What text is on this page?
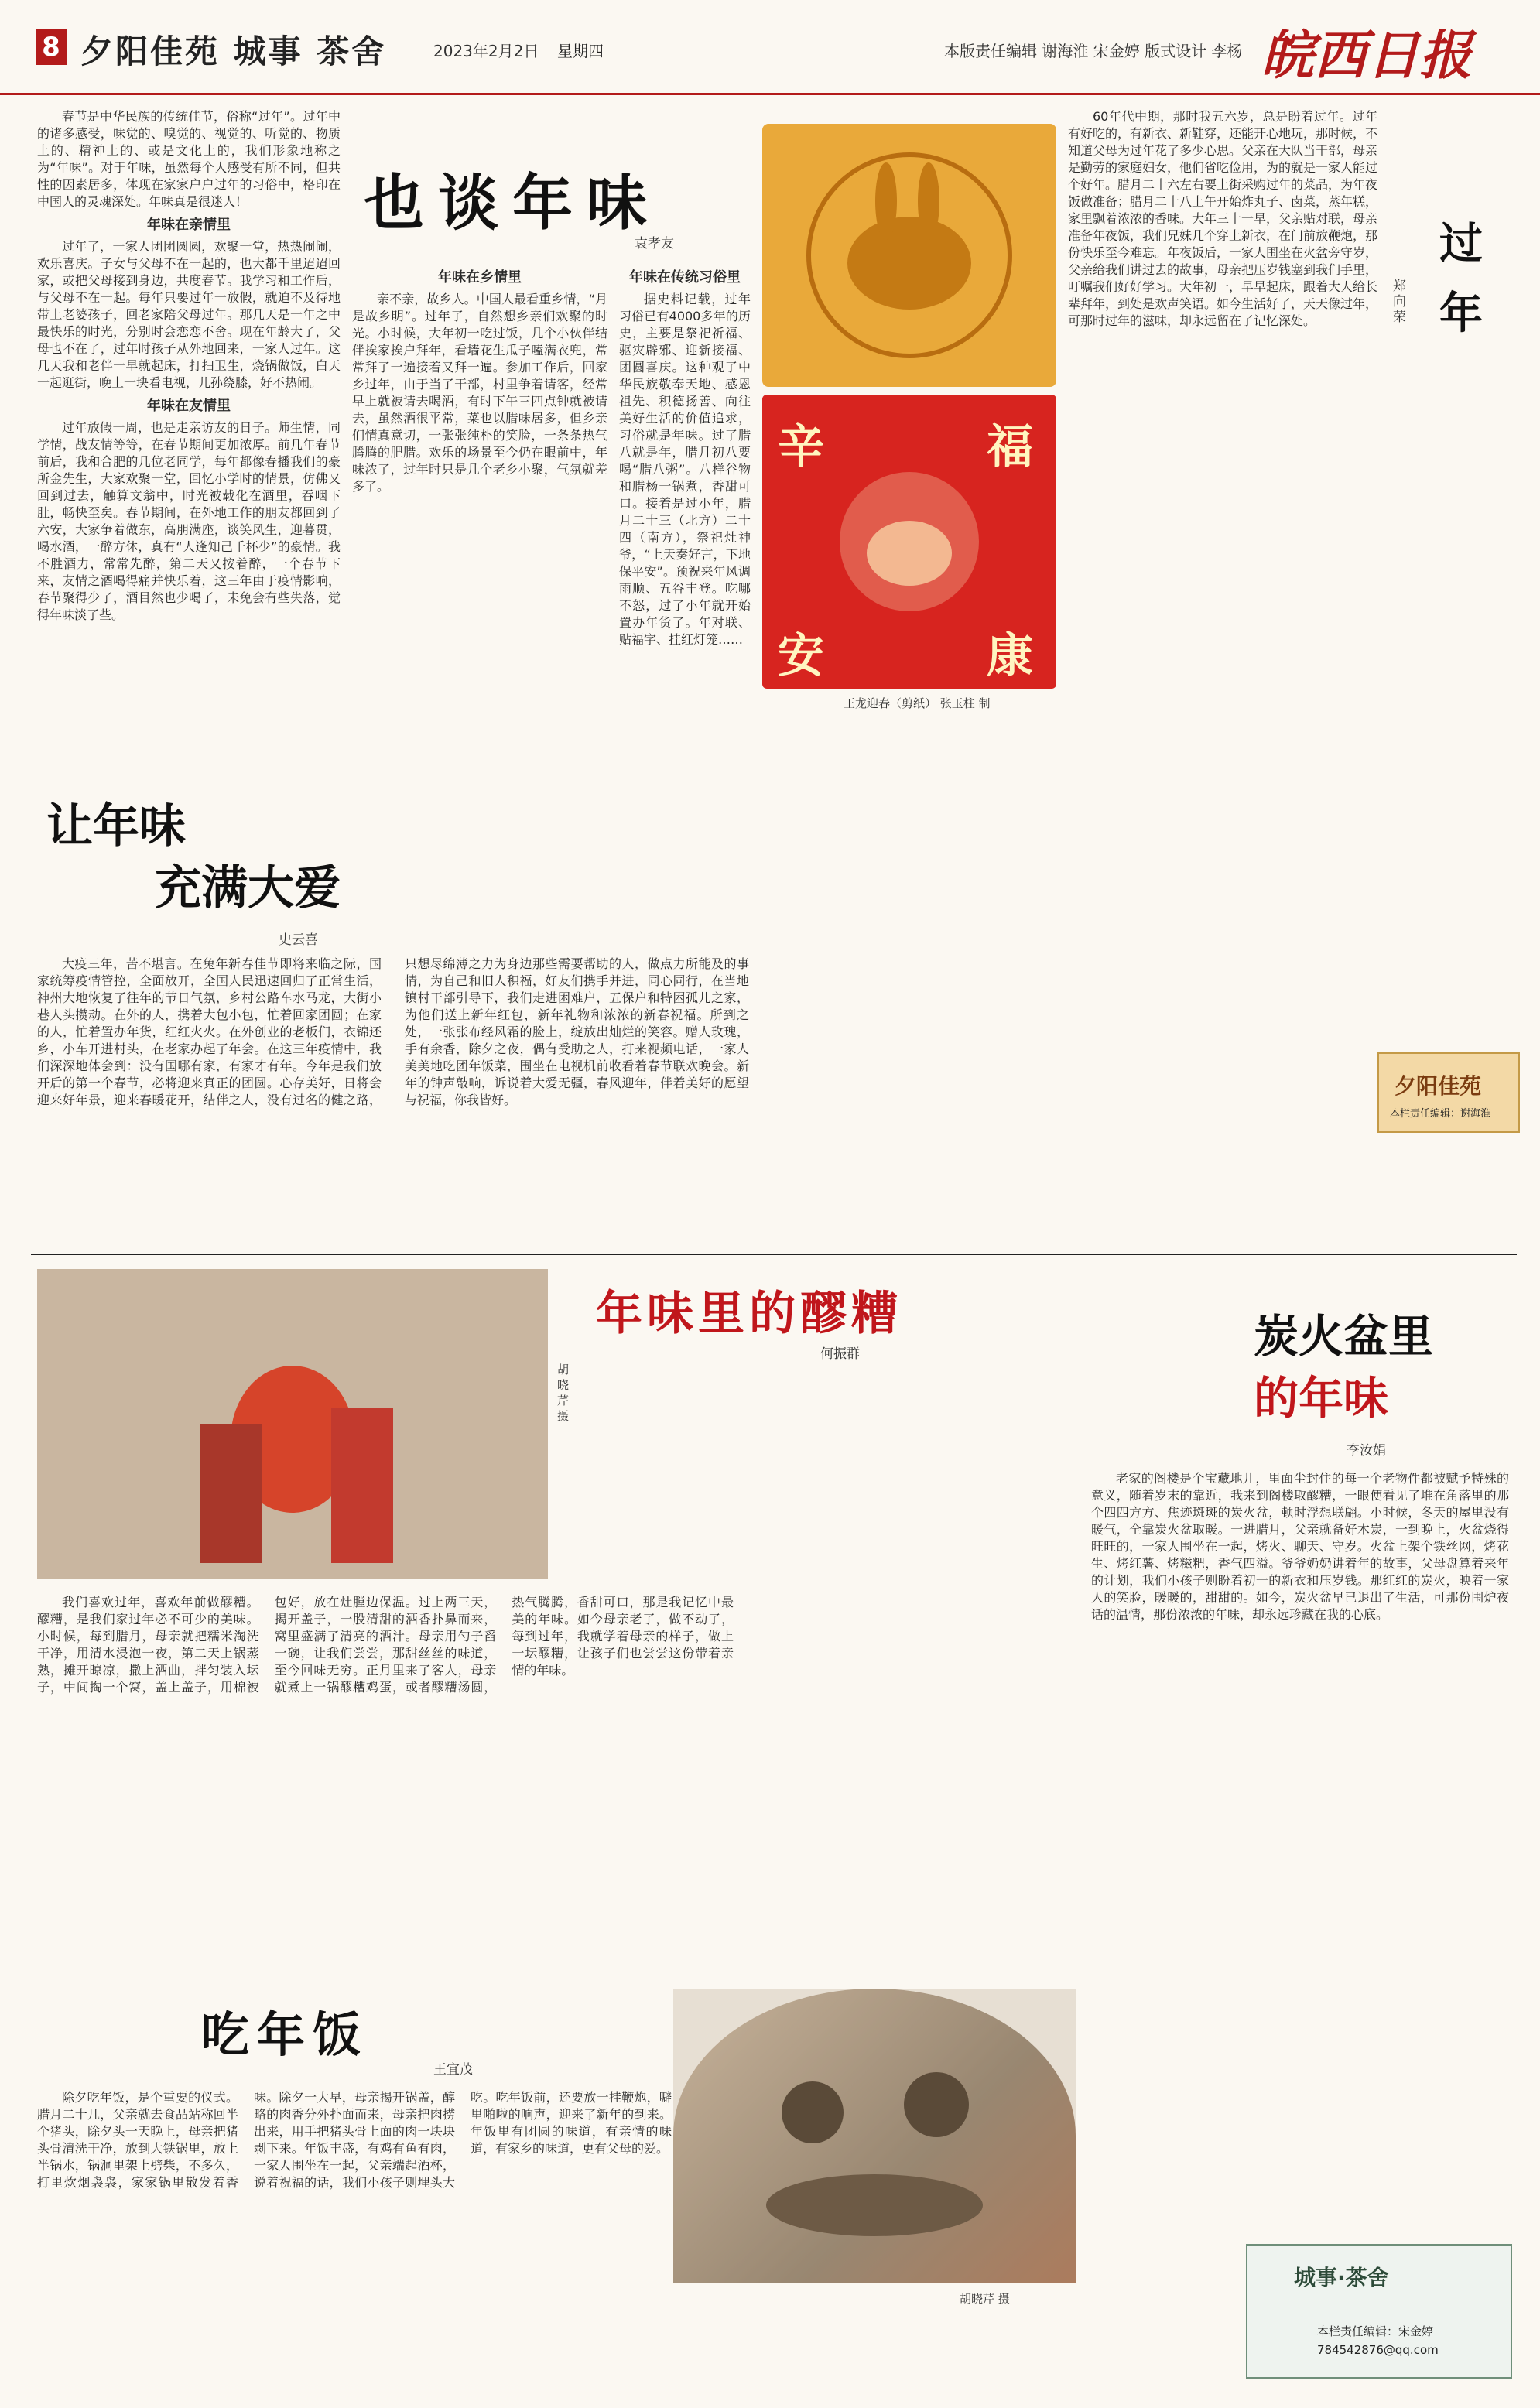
8 夕阳佳苑 城事 茶舍	2023年2月2日 星期四	本版责任编辑 谢海淮 宋金婷 版式设计 李杨 皖西日报
也谈年味
袁孝友

春节是中华民族的传统佳节，俗称“过年”。过年中的诸多感受，味觉的、嗅觉的、视觉的、听觉的、物质上的、精神上的、或是文化上的，我们形象地称之为“年味”。对于年味，虽然每个人感受有所不同，但共性的因素居多，体现在家家户户过年的习俗中，格印在中国人的灵魂深处。年味真是很迷人！

年味在亲情里

过年了，一家人团团圆圆，欢聚一堂，热热闹闹，欢乐喜庆。子女与父母不在一起的，也大都千里迢迢回家，或把父母接到身边，共度春节。我学习和工作后，与父母不在一起。每年只要过年一放假，就迫不及待地带上老婆孩子，回老家陪父母过年。那几天是一年之中最快乐的时光，分别时会恋恋不舍。现在年龄大了，父母也不在了，过年时孩子从外地回来，一家人过年。这几天我和老伴一早就起床，打扫卫生，烧锅做饭，白天一起逛街，晚上一块看电视，儿孙绕膝，好不热闹。

年味在友情里

过年放假一周，也是走亲访友的日子。师生情，同学情，战友情等等，在春节期间更加浓厚。前几年春节前后，我和合肥的几位老同学，每年都像春播我们的豪所金先生，大家欢聚一堂，回忆小学时的情景，仿佛又回到过去，触算文翁中，时光被载化在酒里，吞咽下肚，畅快至矣。春节期间，在外地工作的朋友都回到了六安，大家争着做东，高朋满座，谈笑风生，迎暮贯，喝水酒，一醉方休，真有“人逢知己千杯少”的豪情。我不胜酒力，常常先醉，第二天又按着醉，一个春节下来，友情之酒喝得痛并快乐着，这三年由于疫情影响，春节聚得少了，酒目然也少喝了，未免会有些失落，觉得年味淡了些。

年味在乡情里

亲不亲，故乡人。中国人最看重乡情，“月是故乡明”。过年了，自然想乡亲们欢聚的时光。小时候，大年初一吃过饭，几个小伙伴结伴挨家挨户拜年，看墙花生瓜子嗑满衣兜，常常拜了一遍接着又拜一遍。参加工作后，回家乡过年，由于当了干部，村里争着请客，经常早上就被请去喝酒，有时下午三四点钟就被请去，虽然酒很平常，菜也以腊味居多，但乡亲们情真意切，一张张纯朴的笑脸，一条条热气腾腾的肥腊。欢乐的场景至今仍在眼前中，年味浓了，过年时只是几个老乡小聚，气氛就差多了。

年味在传统习俗里

据史料记载，过年习俗已有4000多年的历史，主要是祭祀祈福、驱灾辟邪、迎新接福、团圆喜庆。这种观了中华民族敬奉天地、感恩祖先、积德扬善、向往美好生活的价值追求，习俗就是年味。过了腊八就是年，腊月初八要喝“腊八粥”。八样谷物和腊杨一锅煮，香甜可口。接着是过小年，腊月二十三（北方）二十四（南方），祭祀灶神爷，“上天奏好言，下地保平安”。预祝来年风调雨顺、五谷丰登。吃哪不怒，过了小年就开始置办年货了。年对联、贴福字、挂红灯笼……

辛	福
安	康
王龙迎春（剪纸） 张玉柱 制
过年
郑向荣

60年代中期，那时我五六岁，总是盼着过年。过年有好吃的，有新衣、新鞋穿，还能开心地玩，那时候，不知道父母为过年花了多少心思。父亲在大队当干部，母亲是勤劳的家庭妇女，他们省吃俭用，为的就是一家人能过个好年。腊月二十六左右要上街采购过年的菜品，为年夜饭做准备；腊月二十八上午开始炸丸子、卤菜，蒸年糕，家里飘着浓浓的香味。大年三十一早，父亲贴对联，母亲准备年夜饭，我们兄妹几个穿上新衣，在门前放鞭炮，那份快乐至今难忘。年夜饭后，一家人围坐在火盆旁守岁，父亲给我们讲过去的故事，母亲把压岁钱塞到我们手里，叮嘱我们好好学习。大年初一，早早起床，跟着大人给长辈拜年，到处是欢声笑语。如今生活好了，天天像过年，可那时过年的滋味，却永远留在了记忆深处。

夕阳佳苑
本栏责任编辑：谢海淮
让年味
充满大爱
史云喜

大疫三年，苦不堪言。在兔年新春佳节即将来临之际，国家统筹疫情管控，全面放开，全国人民迅速回归了正常生活，神州大地恢复了往年的节日气氛，乡村公路车水马龙，大街小巷人头攒动。在外的人，携着大包小包，忙着回家团圆；在家的人，忙着置办年货，红红火火。在外创业的老板们，衣锦还乡，小车开进村头，在老家办起了年会。在这三年疫情中，我们深深地体会到：没有国哪有家，有家才有年。今年是我们放开后的第一个春节，必将迎来真正的团圆。心存美好，日将会迎来好年景，迎来春暖花开，结伴之人，没有过名的健之路，只想尽绵薄之力为身边那些需要帮助的人，做点力所能及的事情，为自己和旧人积福，好友们携手并进，同心同行，在当地镇村干部引导下，我们走进困难户，五保户和特困孤儿之家，为他们送上新年红包，新年礼物和浓浓的新春祝福。所到之处，一张张布经风霜的脸上，绽放出灿烂的笑容。赠人玫瑰，手有余香，除夕之夜，偶有受助之人，打来视频电话，一家人美美地吃团年饭菜，围坐在电视机前收看着春节联欢晚会。新年的钟声敲响，诉说着大爱无疆，春风迎年，伴着美好的愿望与祝福，你我皆好。

胡晓芹 摄
年味里的醪糟
何振群

我们喜欢过年，喜欢年前做醪糟。醪糟，是我们家过年必不可少的美味。小时候，每到腊月，母亲就把糯米淘洗干净，用清水浸泡一夜，第二天上锅蒸熟，摊开晾凉，撒上酒曲，拌匀装入坛子，中间掏一个窝，盖上盖子，用棉被包好，放在灶膛边保温。过上两三天，揭开盖子，一股清甜的酒香扑鼻而来，窝里盛满了清亮的酒汁。母亲用勺子舀一碗，让我们尝尝，那甜丝丝的味道，至今回味无穷。正月里来了客人，母亲就煮上一锅醪糟鸡蛋，或者醪糟汤圆，热气腾腾，香甜可口，那是我记忆中最美的年味。如今母亲老了，做不动了，每到过年，我就学着母亲的样子，做上一坛醪糟，让孩子们也尝尝这份带着亲情的年味。

炭火盆里
的年味
李汝娟

老家的阁楼是个宝藏地儿，里面尘封住的每一个老物件都被赋予特殊的意义，随着岁末的靠近，我来到阁楼取醪糟，一眼便看见了堆在角落里的那个四四方方、焦迹斑斑的炭火盆，顿时浮想联翩。小时候，冬天的屋里没有暖气，全靠炭火盆取暖。一进腊月，父亲就备好木炭，一到晚上，火盆烧得旺旺的，一家人围坐在一起，烤火、聊天、守岁。火盆上架个铁丝网，烤花生、烤红薯、烤糍粑，香气四溢。爷爷奶奶讲着年的故事，父母盘算着来年的计划，我们小孩子则盼着初一的新衣和压岁钱。那红红的炭火，映着一家人的笑脸，暖暖的，甜甜的。如今，炭火盆早已退出了生活，可那份围炉夜话的温情，那份浓浓的年味，却永远珍藏在我的心底。

吃年饭
王宜茂
胡晓芹 摄

除夕吃年饭，是个重要的仪式。腊月二十几，父亲就去食品站称回半个猪头，除夕头一天晚上，母亲把猪头骨清洗干净，放到大铁锅里，放上半锅水，锅洞里架上劈柴，不多久，打里炊烟袅袅，家家锅里散发着香味。除夕一大早，母亲揭开锅盖，醇略的肉香分外扑面而来，母亲把肉捞出来，用手把猪头骨上面的肉一块块剥下来。年饭丰盛，有鸡有鱼有肉，一家人围坐在一起，父亲端起酒杯，说着祝福的话，我们小孩子则埋头大吃。吃年饭前，还要放一挂鞭炮，噼里啪啦的响声，迎来了新年的到来。年饭里有团圆的味道，有亲情的味道，有家乡的味道，更有父母的爱。

城事·茶舍
本栏责任编辑：宋金婷
784542876@qq.com
